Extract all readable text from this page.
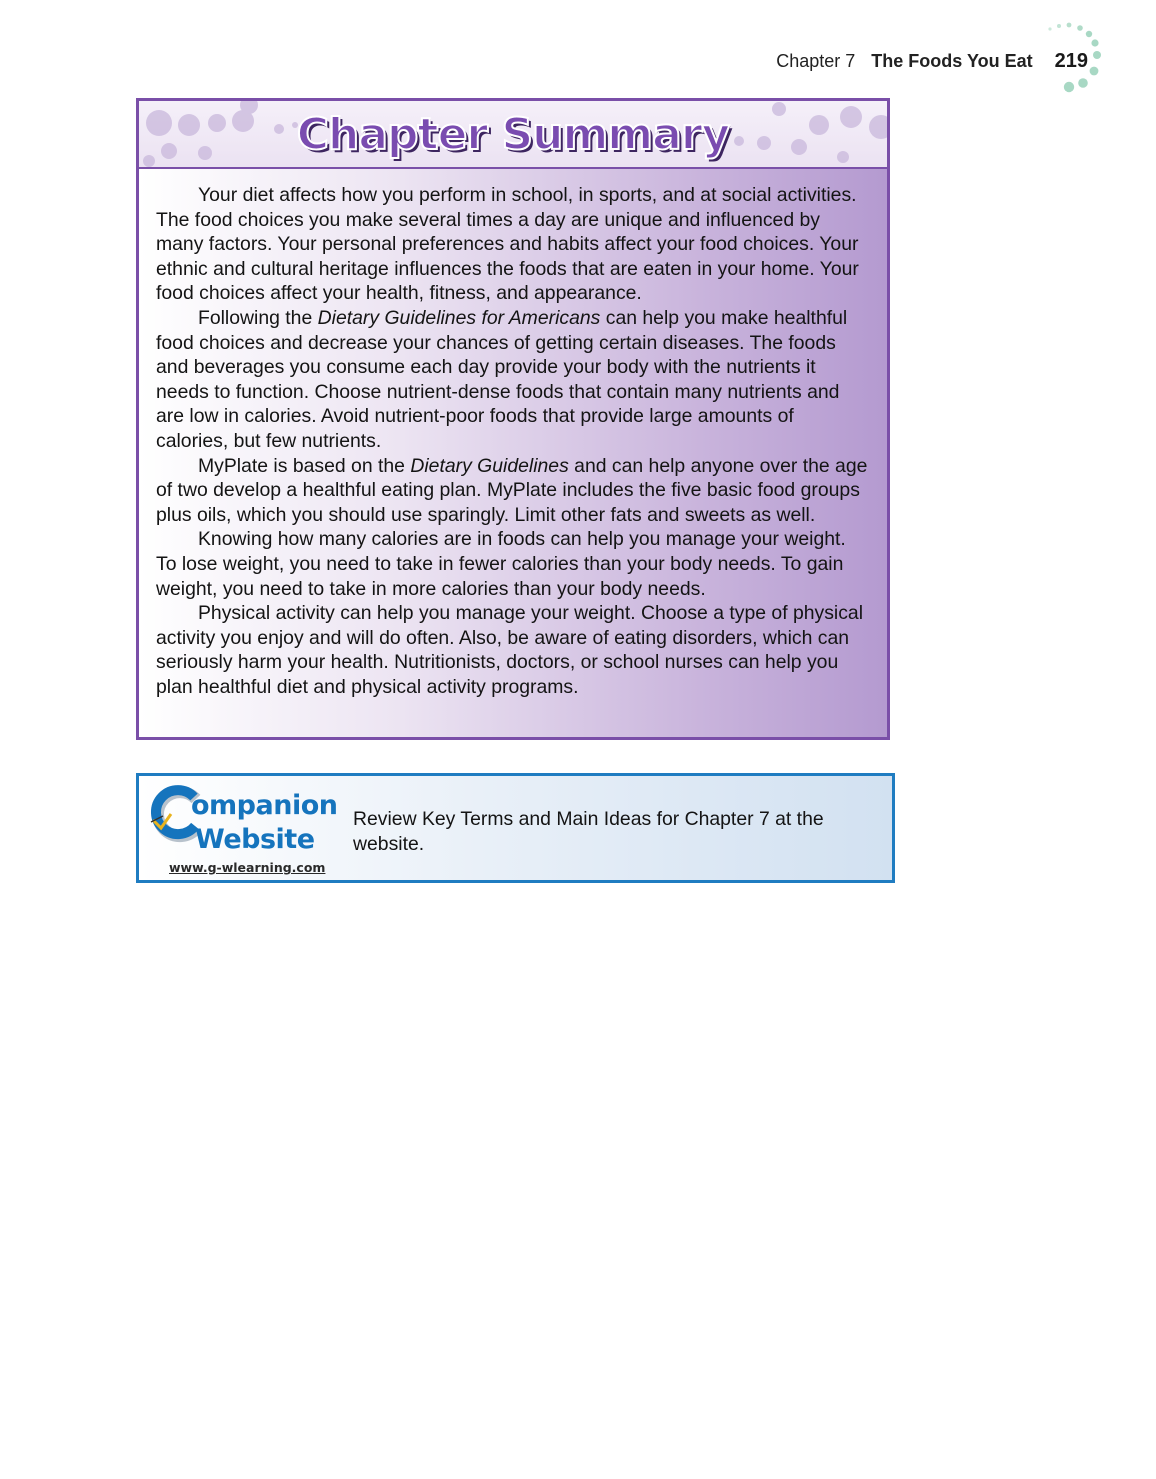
Chapter 7 The Foods You Eat 219
Chapter Summary

Your diet affects how you perform in school, in sports, and at social activities. The food choices you make several times a day are unique and influenced by many factors. Your personal preferences and habits affect your food choices. Your ethnic and cultural heritage influences the foods that are eaten in your home. Your food choices affect your health, fitness, and appearance.

Following the Dietary Guidelines for Americans can help you make healthful food choices and decrease your chances of getting certain diseases. The foods and beverages you consume each day provide your body with the nutrients it needs to function. Choose nutrient-dense foods that contain many nutrients and are low in calories. Avoid nutrient-poor foods that provide large amounts of calories, but few nutrients.

MyPlate is based on the Dietary Guidelines and can help anyone over the age of two develop a healthful eating plan. MyPlate includes the five basic food groups plus oils, which you should use sparingly. Limit other fats and sweets as well.

Knowing how many calories are in foods can help you manage your weight. To lose weight, you need to take in fewer calories than your body needs. To gain weight, you need to take in more calories than your body needs.

Physical activity can help you manage your weight. Choose a type of physical activity you enjoy and will do often. Also, be aware of eating disorders, which can seriously harm your health. Nutritionists, doctors, or school nurses can help you plan healthful diet and physical activity programs.

ompanion
Website
www.g-wlearning.com
Review Key Terms and Main Ideas for Chapter 7 at the website.
